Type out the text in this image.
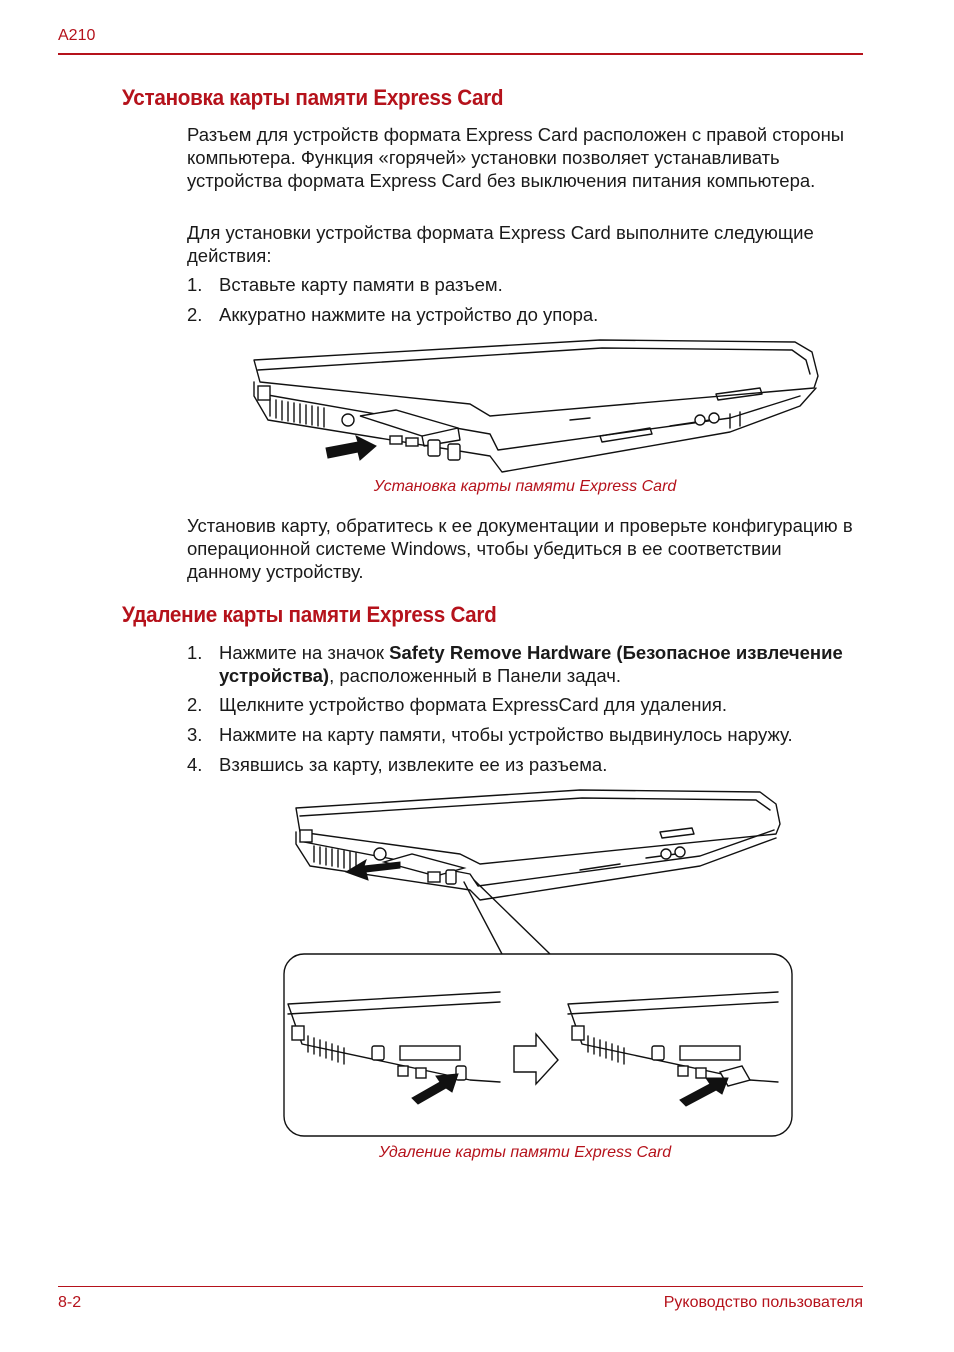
A210
Установка карты памяти Express Card

Разъем для устройств формата Express Card расположен с правой стороны компьютера. Функция «горячей» установки позволяет устанавливать устройства формата Express Card без выключения питания компьютера.

Для установки устройства формата Express Card выполните следующие действия:

1. Вставьте карту памяти в разъем.
2. Аккуратно нажмите на устройство до упора.

Установка карты памяти Express Card

Установив карту, обратитесь к ее документации и проверьте конфигурацию в операционной системе Windows, чтобы убедиться в ее соответствии данному устройству.

Удаление карты памяти Express Card
1. Нажмите на значок Safety Remove Hardware (Безопасное извлечение устройства), расположенный в Панели задач.
2. Щелкните устройство формата ExpressCard для удаления.
3. Нажмите на карту памяти, чтобы устройство выдвинулось наружу.
4. Взявшись за карту, извлеките ее из разъема.

Удаление карты памяти Express Card

8-2	Руководство пользователя
